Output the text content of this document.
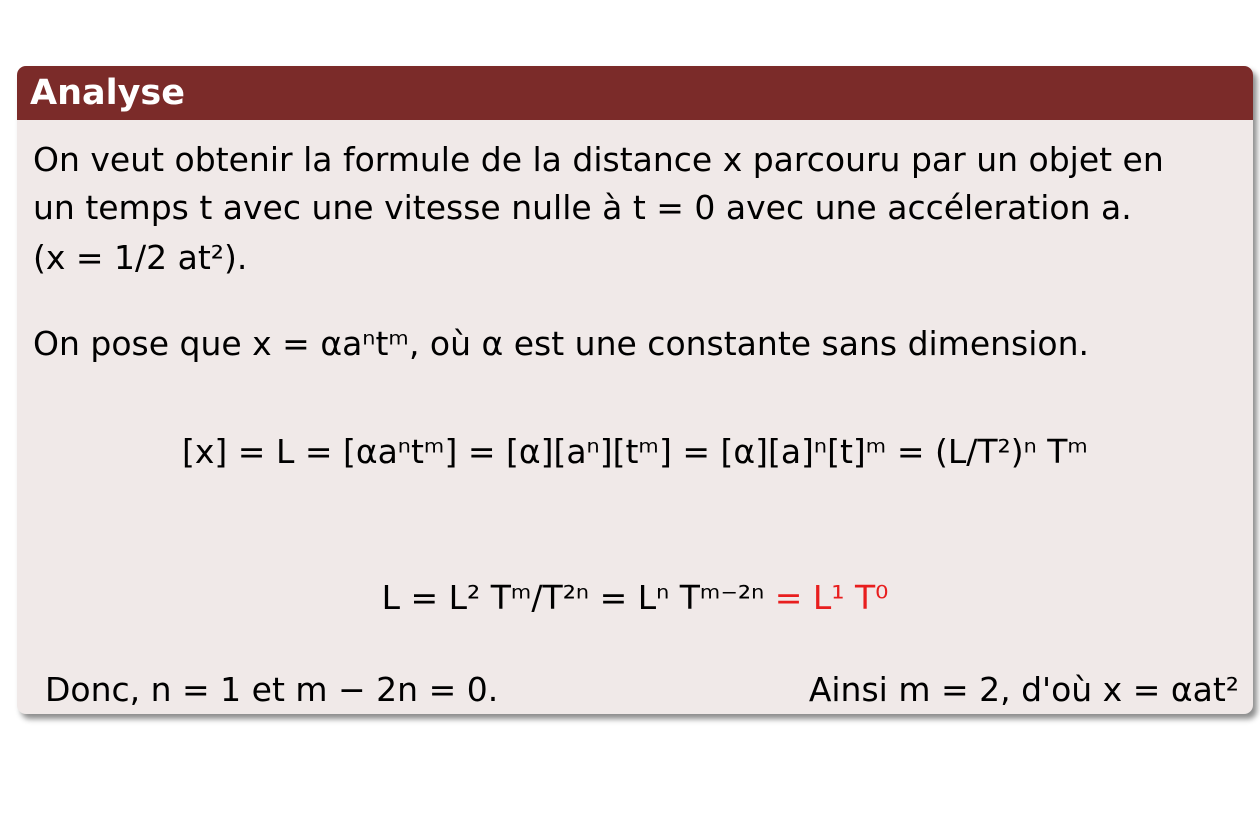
Analyse
On veut obtenir la formule de la distance x parcouru par un objet en
un temps t avec une vitesse nulle à t = 0 avec une accéleration a.
(x = 1/2 at²).
On pose que x = αaⁿtᵐ, où α est une constante sans dimension.
[x] = L = [αaⁿtᵐ] = [α][aⁿ][tᵐ] = [α][a]ⁿ[t]ᵐ = (L/T²)ⁿ Tᵐ
L = L² Tᵐ/T²ⁿ = Lⁿ Tᵐ⁻²ⁿ = L¹ T⁰
Donc, n = 1 et m − 2n = 0.	Ainsi m = 2, d'où x = αat²
